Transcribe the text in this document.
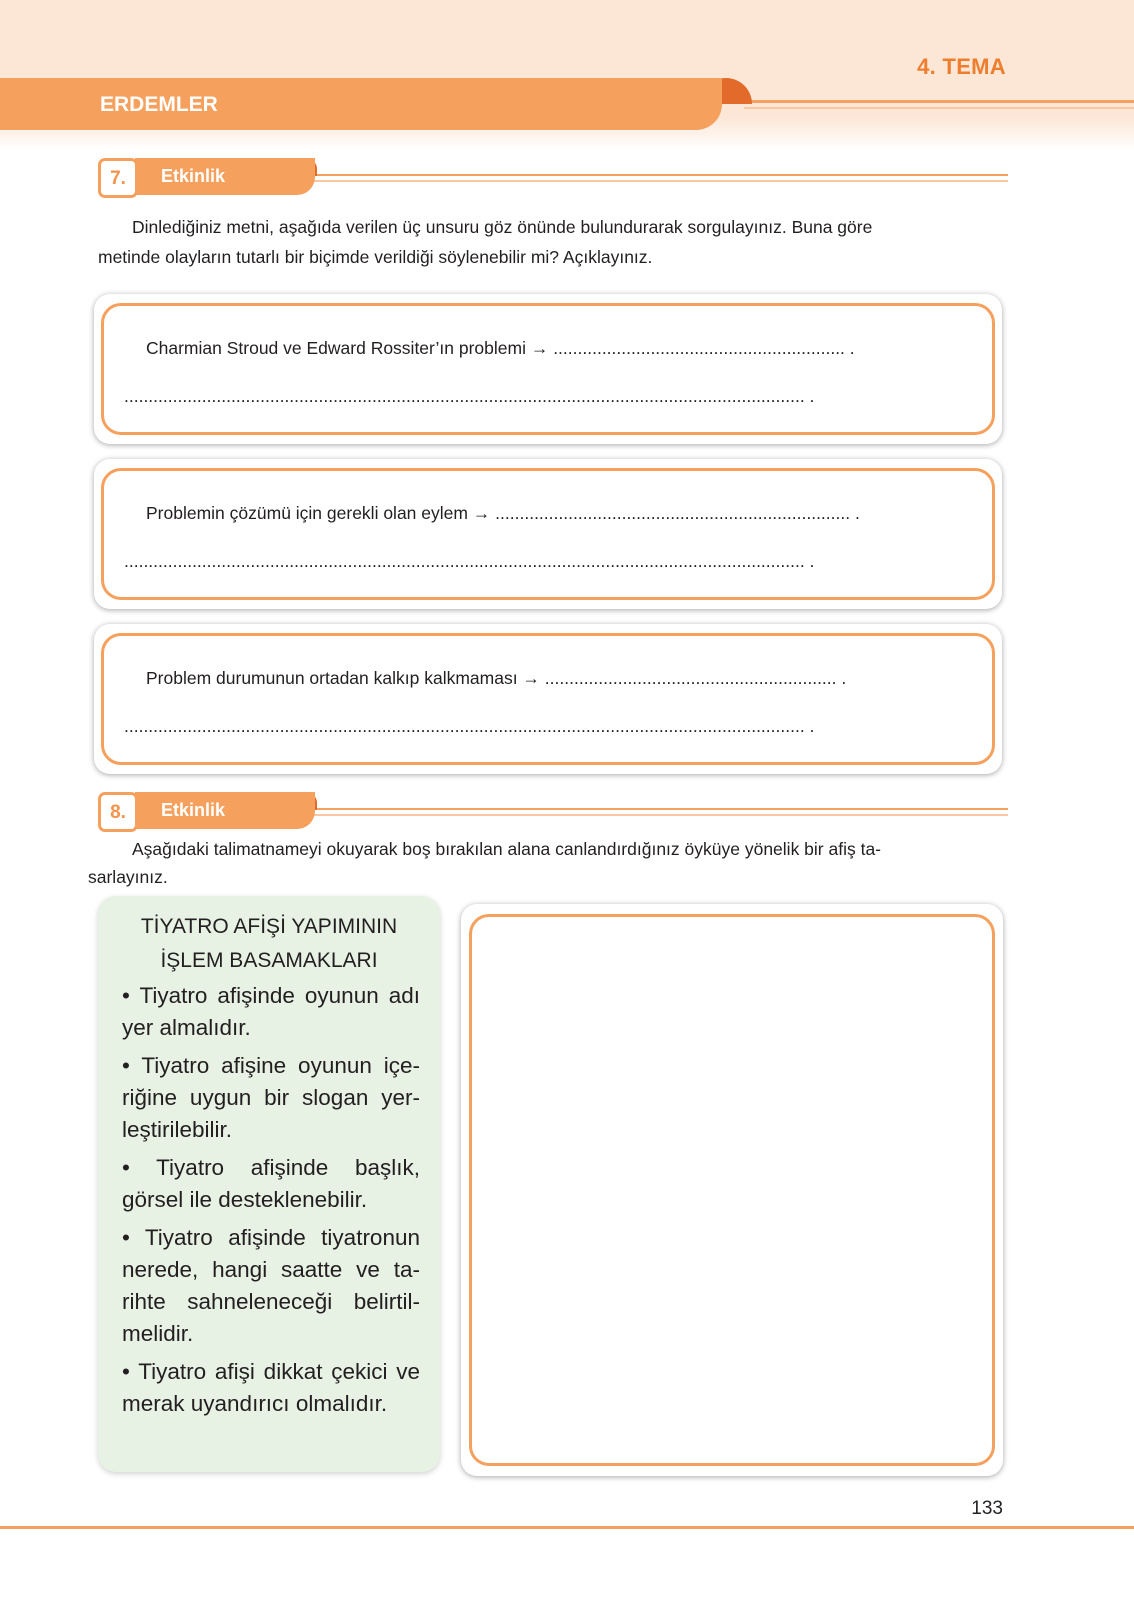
4. TEMA
ERDEMLER
Etkinlik
7.
Dinlediğiniz metni, aşağıda verilen üç unsuru göz önünde bulundurarak sorgulayınız. Buna göre
metinde olayların tutarlı bir biçimde verildiği söylenebilir mi? Açıklayınız.
Charmian Stroud ve Edward Rossiter’ın problemi → ............................................................ .
............................................................................................................................................ .
Problemin çözümü için gerekli olan eylem → ......................................................................... .
............................................................................................................................................ .
Problem durumunun ortadan kalkıp kalkmaması → ............................................................ .
............................................................................................................................................ .
Etkinlik
8.
Aşağıdaki talimatnameyi okuyarak boş bırakılan alana canlandırdığınız öyküye yönelik bir afiş ta-
sarlayınız.
TİYATRO AFİŞİ YAPIMININ
İŞLEM BASAMAKLARI
• Tiyatro afişinde oyunun adı yer almalıdır.
• Tiyatro afişine oyunun içe-riğine uygun bir slogan yer-leştirilebilir.
• Tiyatro afişinde başlık, görsel ile desteklenebilir.
• Tiyatro afişinde tiyatronun nerede, hangi saatte ve ta-rihte sahneleneceği belirtil-melidir.
• Tiyatro afişi dikkat çekici ve merak uyandırıcı olmalıdır.
133
